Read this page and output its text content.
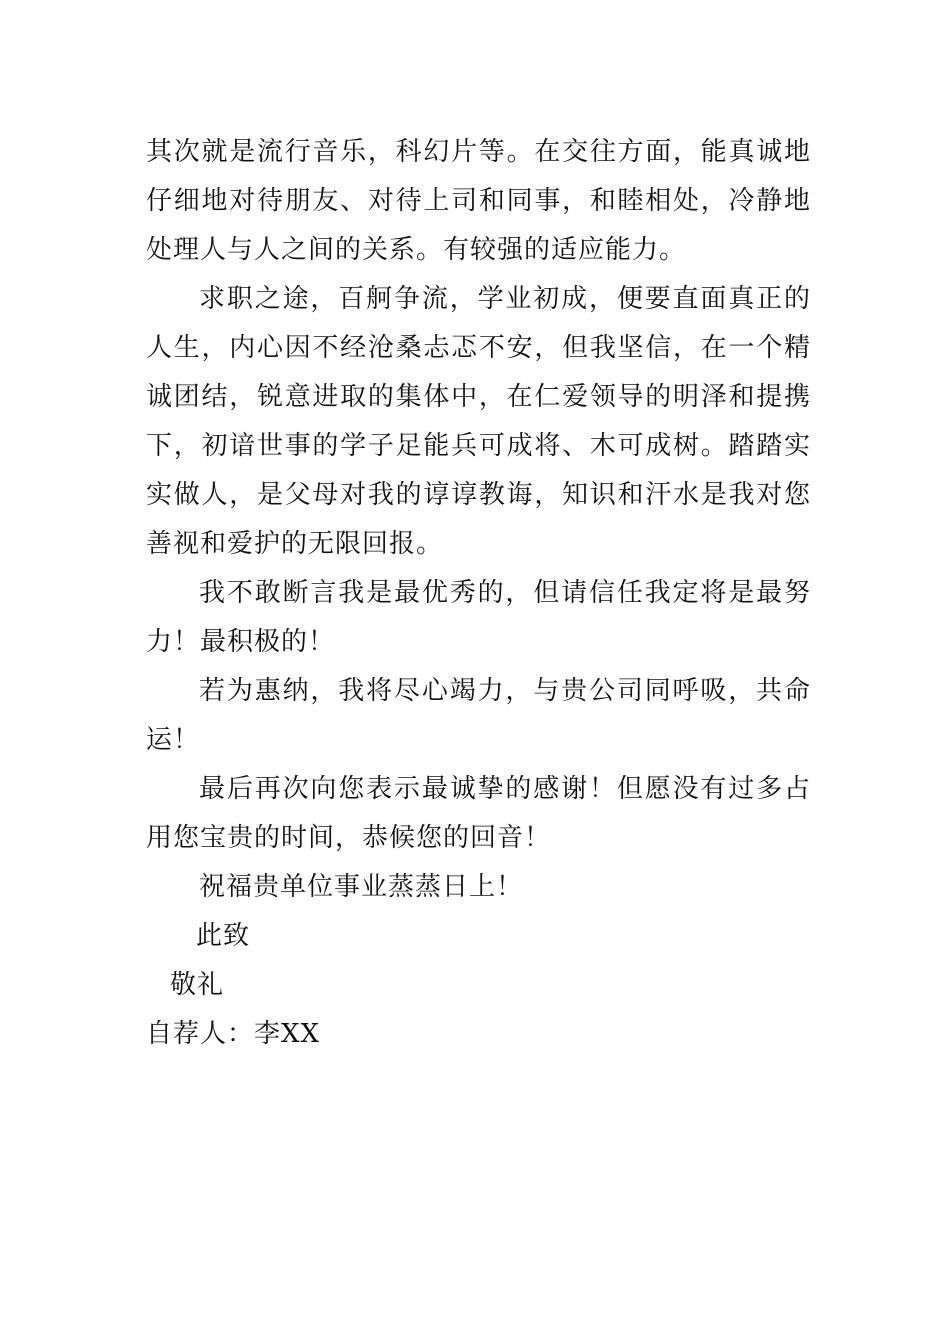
其次就是流行音乐，科幻片等。在交往方面，能真诚地仔细地对待朋友、对待上司和同事，和睦相处，冷静地处理人与人之间的关系。有较强的适应能力。

求职之途，百舸争流，学业初成，便要直面真正的人生，内心因不经沧桑忐忑不安，但我坚信，在一个精诚团结，锐意进取的集体中，在仁爱领导的明泽和提携下，初谙世事的学子足能兵可成将、木可成树。踏踏实实做人，是父母对我的谆谆教诲，知识和汗水是我对您善视和爱护的无限回报。

我不敢断言我是最优秀的，但请信任我定将是最努力！最积极的！

若为惠纳，我将尽心竭力，与贵公司同呼吸，共命运！

最后再次向您表示最诚挚的感谢！但愿没有过多占用您宝贵的时间，恭候您的回音！

祝福贵单位事业蒸蒸日上！

此致

敬礼

自荐人：李XX
